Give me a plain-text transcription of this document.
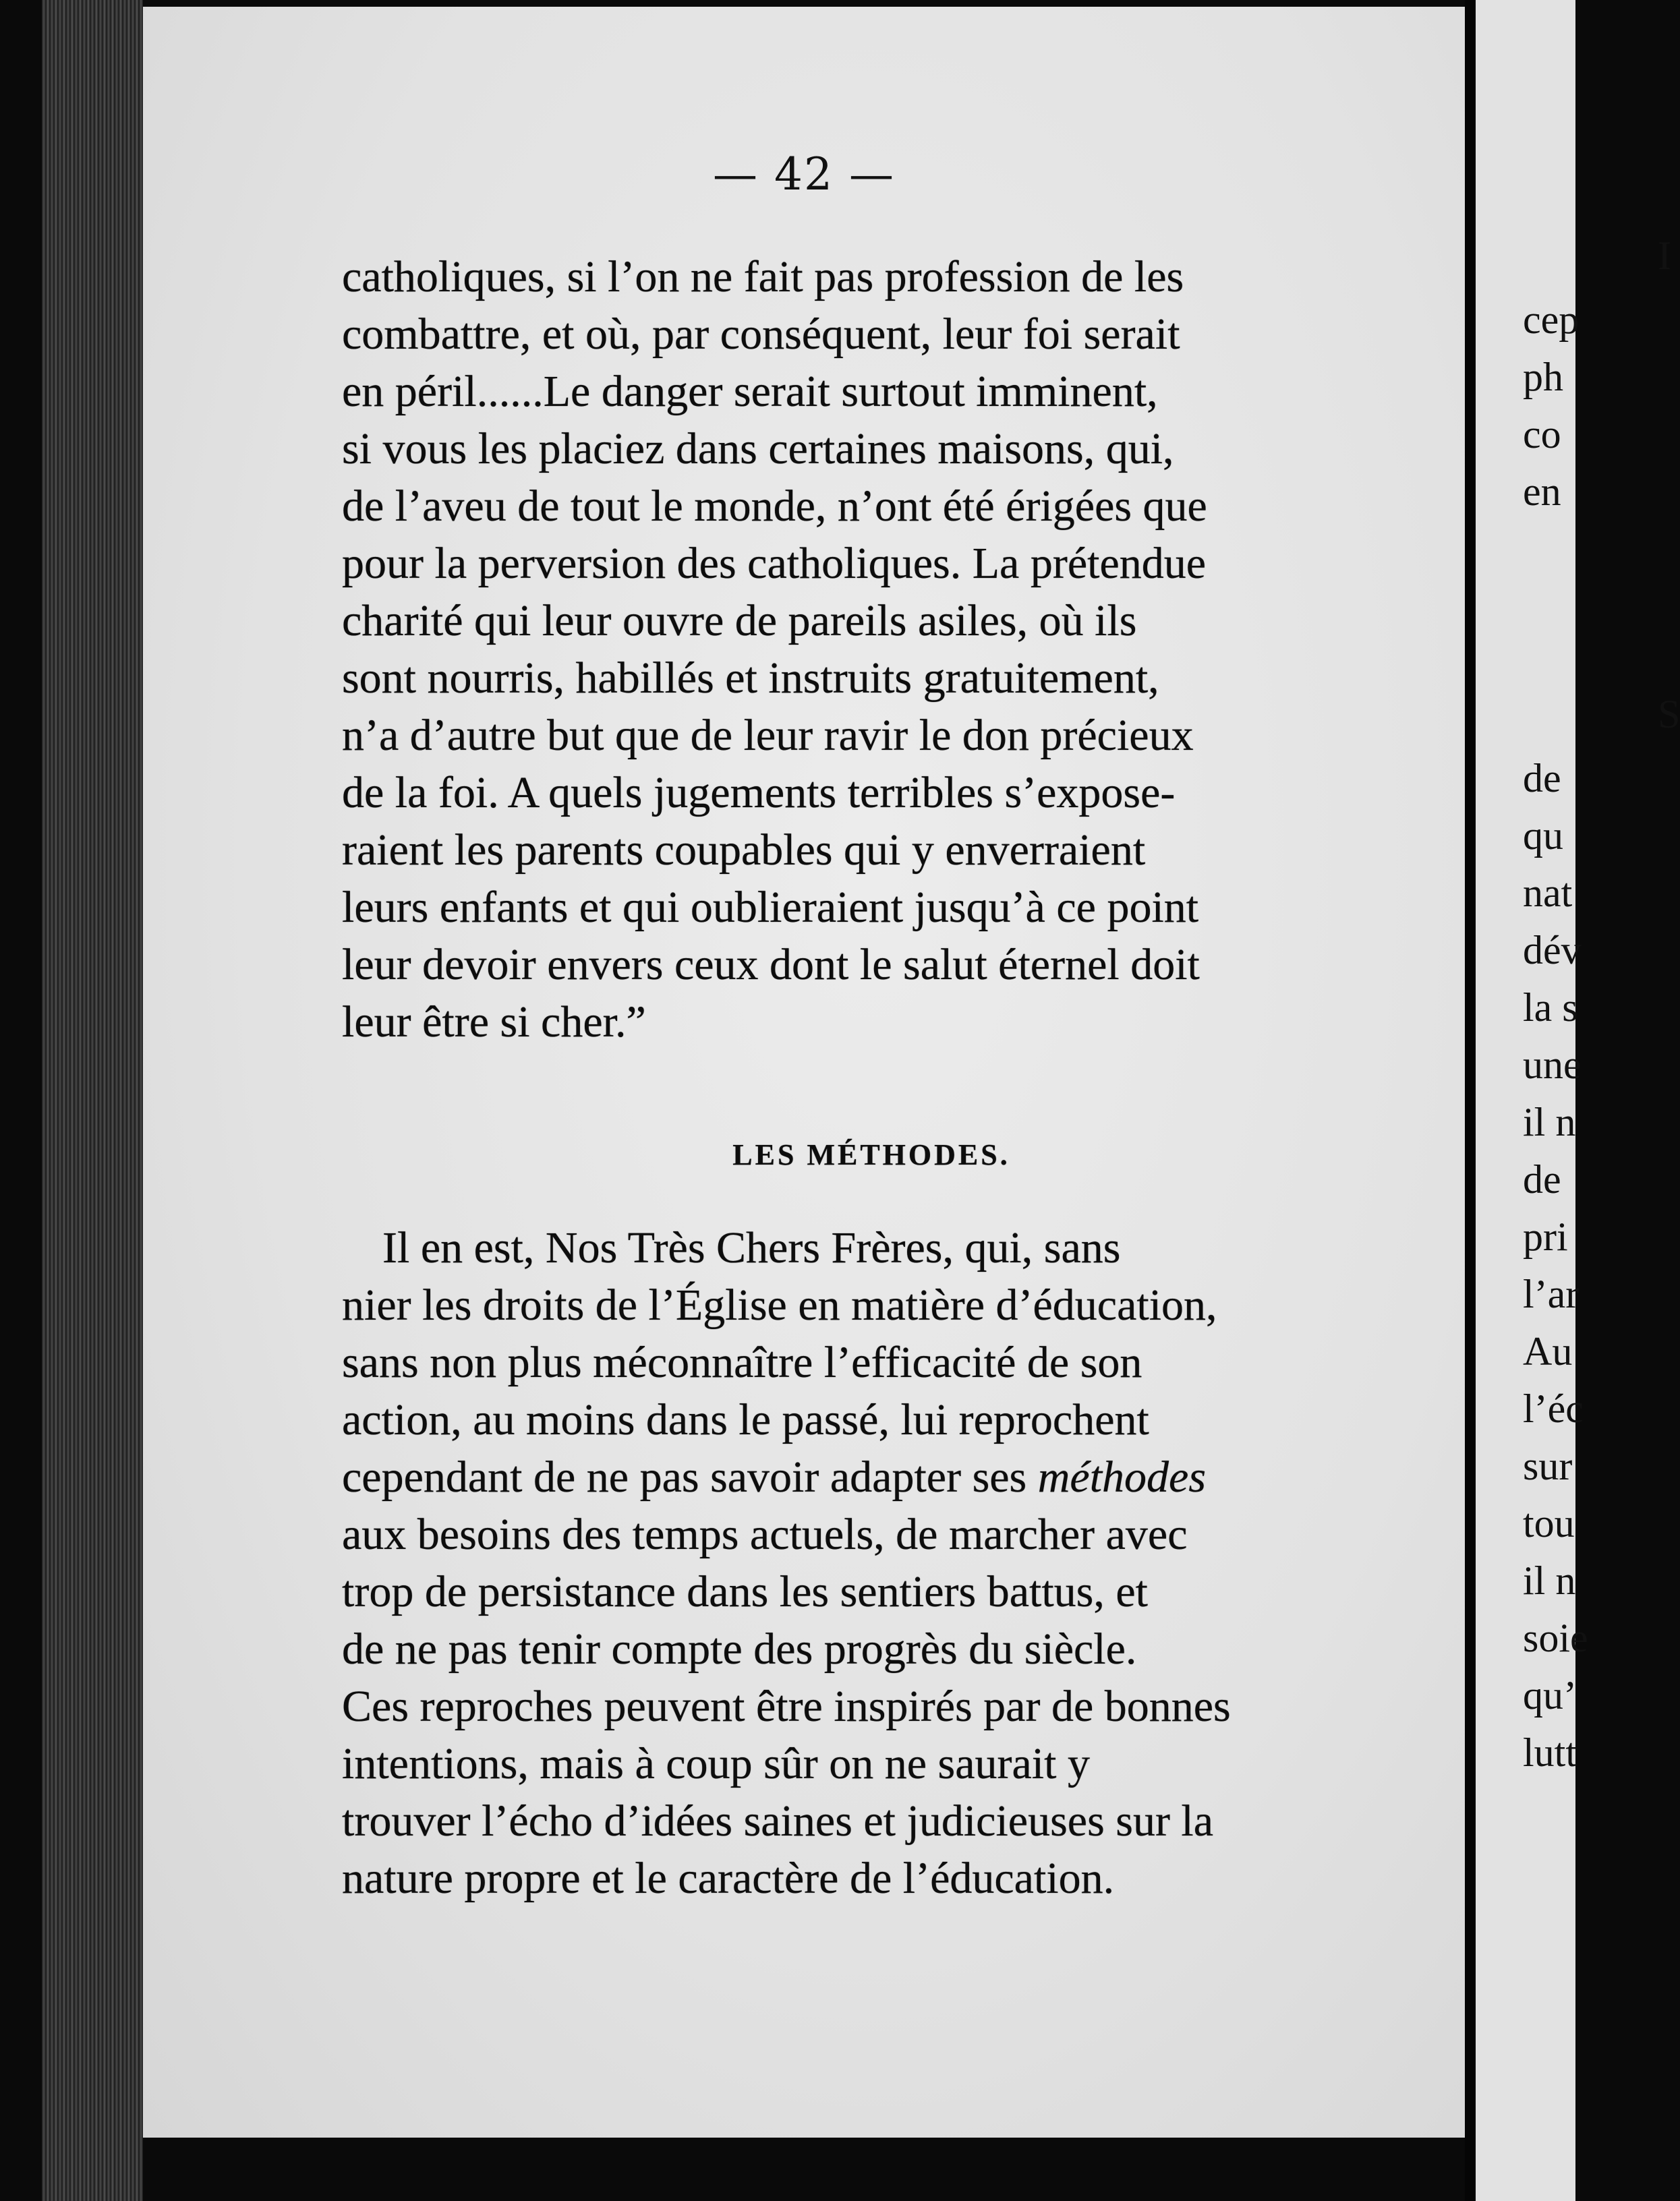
— 42 —
catholiques, si l’on ne fait pas profession de les
combattre, et où, par conséquent, leur foi serait
en péril......Le danger serait surtout imminent,
si vous les placiez dans certaines maisons, qui,
de l’aveu de tout le monde, n’ont été érigées que
pour la perversion des catholiques. La prétendue
charité qui leur ouvre de pareils asiles, où ils
sont nourris, habillés et instruits gratuitement,
n’a d’autre but que de leur ravir le don précieux
de la foi. A quels jugements terribles s’expose-
raient les parents coupables qui y enverraient
leurs enfants et qui oublieraient jusqu’à ce point
leur devoir envers ceux dont le salut éternel doit
leur être si cher.”
LES MÉTHODES.
Il en est, Nos Très Chers Frères, qui, sans
nier les droits de l’Église en matière d’éducation,
sans non plus méconnaître l’efficacité de son
action, au moins dans le passé, lui reprochent
cependant de ne pas savoir adapter ses méthodes
aux besoins des temps actuels, de marcher avec
trop de persistance dans les sentiers battus, et
de ne pas tenir compte des progrès du siècle.
Ces reproches peuvent être inspirés par de bonnes
intentions, mais à coup sûr on ne saurait y
trouver l’écho d’idées saines et judicieuses sur la
nature propre et le caractère de l’éducation.
I
cep
ph
co
en
S
de
qu
nat
dév
la s
une
il n
de
pri
l’ar
Au
l’éc
sur
tou
il n
soie
qu’
lutt
